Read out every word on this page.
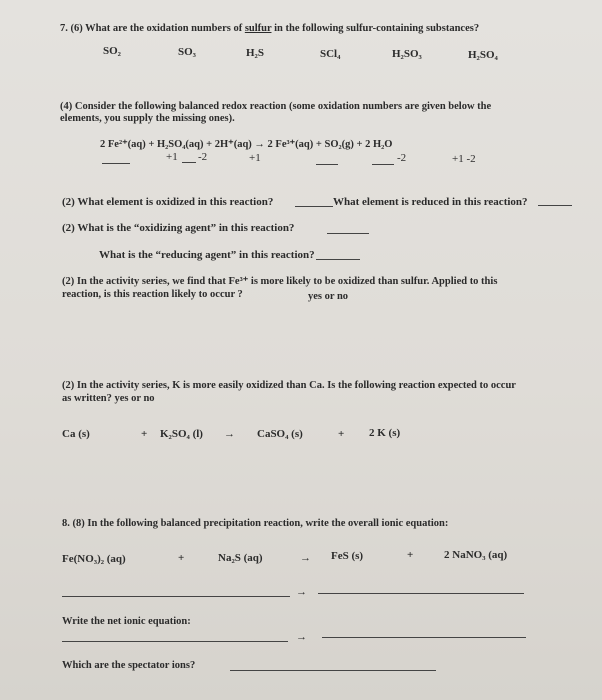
7. (6) What are the oxidation numbers of sulfur in the following sulfur-containing substances?
SO₂	SO₃	H₂S	SCl₄	H₂SO₃	H₂SO₄
(4) Consider the following balanced redox reaction (some oxidation numbers are given below the
elements, you supply the missing ones).
2 Fe²⁺(aq) + H₂SO₄(aq) + 2H⁺(aq) → 2 Fe³⁺(aq) + SO₂(g) + 2 H₂O
+1 -2	+1	-2	+1 -2
(2) What element is oxidized in this reaction?	What element is reduced in this reaction?
(2) What is the “oxidizing agent” in this reaction?
What is the “reducing agent” in this reaction?
(2) In the activity series, we find that Fe³⁺ is more likely to be oxidized than sulfur. Applied to this
reaction, is this reaction likely to occur ?	yes or no
(2) In the activity series, K is more easily oxidized than Ca. Is the following reaction expected to occur
as written? yes or no
Ca (s)	+ K₂SO₄ (l) → CaSO₄ (s)	+ 2 K (s)
8. (8) In the following balanced precipitation reaction, write the overall ionic equation:
Fe(NO₃)₂ (aq)	+	Na₂S (aq)	→ FeS (s)	+	2 NaNO₃ (aq)
→
Write the net ionic equation:
→
Which are the spectator ions?
